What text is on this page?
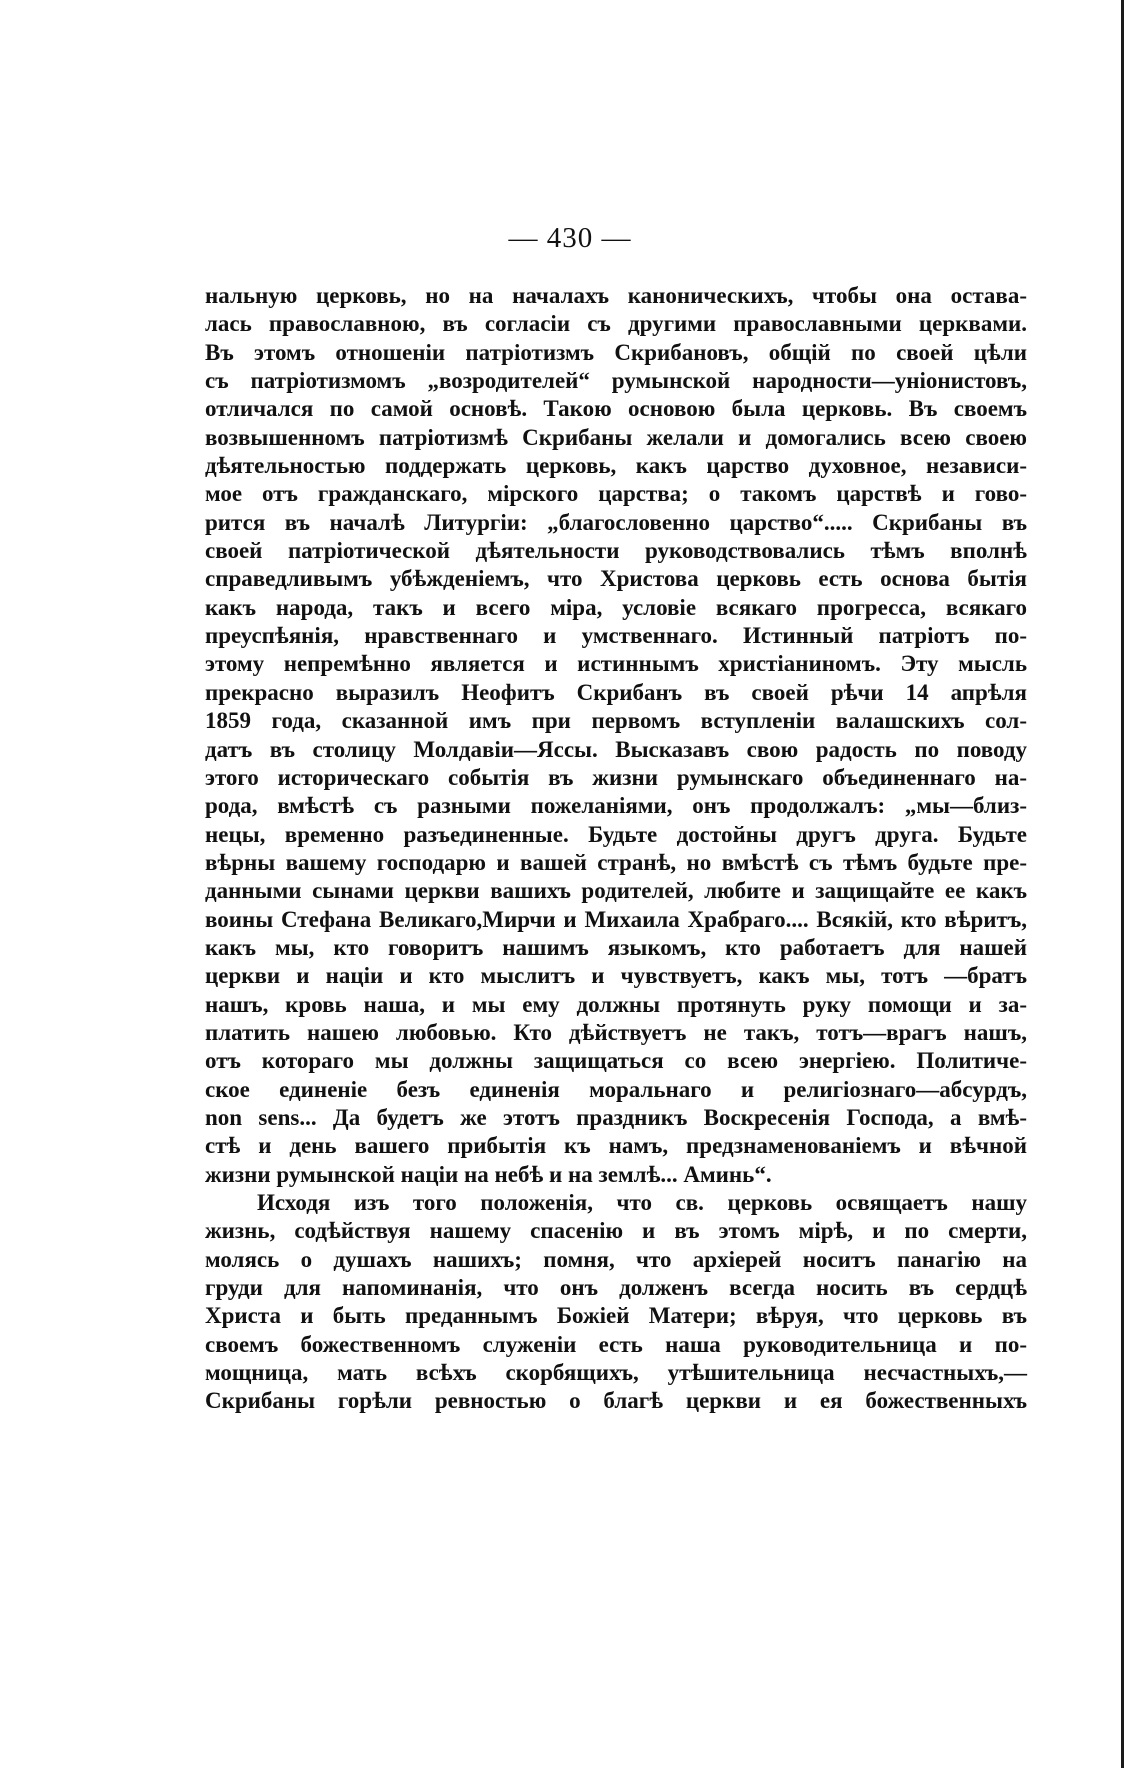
— 430 —
нальную церковь, но на началахъ каноническихъ, чтобы она остава-
лась православною, въ согласіи съ другими православными церквами.
Въ этомъ отношеніи патріотизмъ Скрибановъ, общій по своей цѣли
съ патріотизмомъ „возродителей“ румынской народности—уніонистовъ,
отличался по самой основѣ. Такою основою была церковь. Въ своемъ
возвышенномъ патріотизмѣ Скрибаны желали и домогались всею своею
дѣятельностью поддержать церковь, какъ царство духовное, независи-
мое отъ гражданскаго, мірского царства; о такомъ царствѣ и гово-
рится въ началѣ Литургіи: „благословенно царство“..... Скрибаны въ
своей патріотической дѣятельности руководствовались тѣмъ вполнѣ
справедливымъ убѣжденіемъ, что Христова церковь есть основа бытія
какъ народа, такъ и всего міра, условіе всякаго прогресса, всякаго
преуспѣянія, нравственнаго и умственнаго. Истинный патріотъ по-
этому непремѣнно является и истиннымъ христіаниномъ. Эту мысль
прекрасно выразилъ Неофитъ Скрибанъ въ своей рѣчи 14 апрѣля
1859 года, сказанной имъ при первомъ вступленіи валашскихъ сол-
датъ въ столицу Молдавіи—Яссы. Высказавъ свою радость по поводу
этого историческаго событія въ жизни румынскаго объединеннаго на-
рода, вмѣстѣ съ разными пожеланіями, онъ продолжалъ: „мы—близ-
нецы, временно разъединенные. Будьте достойны другъ друга. Будьте
вѣрны вашему господарю и вашей странѣ, но вмѣстѣ съ тѣмъ будьте пре-
данными сынами церкви вашихъ родителей, любите и защищайте ее какъ
воины Стефана Великаго,Мирчи и Михаила Храбраго.... Всякій, кто вѣритъ,
какъ мы, кто говоритъ нашимъ языкомъ, кто работаетъ для нашей
церкви и націи и кто мыслитъ и чувствуетъ, какъ мы, тотъ —братъ
нашъ, кровь наша, и мы ему должны протянуть руку помощи и за-
платить нашею любовью. Кто дѣйствуетъ не такъ, тотъ—врагъ нашъ,
отъ котораго мы должны защищаться со всею энергіею. Политиче-
ское единеніе безъ единенія моральнаго и религіознаго—абсурдъ,
non sens... Да будетъ же этотъ праздникъ Воскресенія Господа, а вмѣ-
стѣ и день вашего прибытія къ намъ, предзнаменованіемъ и вѣчной
жизни румынской націи на небѣ и на землѣ... Аминь“.
Исходя изъ того положенія, что св. церковь освящаетъ нашу
жизнь, содѣйствуя нашему спасенію и въ этомъ мірѣ, и по смерти,
молясь о душахъ нашихъ; помня, что архіерей носитъ панагію на
груди для напоминанія, что онъ долженъ всегда носить въ сердцѣ
Христа и быть преданнымъ Божіей Матери; вѣруя, что церковь въ
своемъ божественномъ служеніи есть наша руководительница и по-
мощница, мать всѣхъ скорбящихъ, утѣшительница несчастныхъ,—
Скрибаны горѣли ревностью о благѣ церкви и ея божественныхъ
